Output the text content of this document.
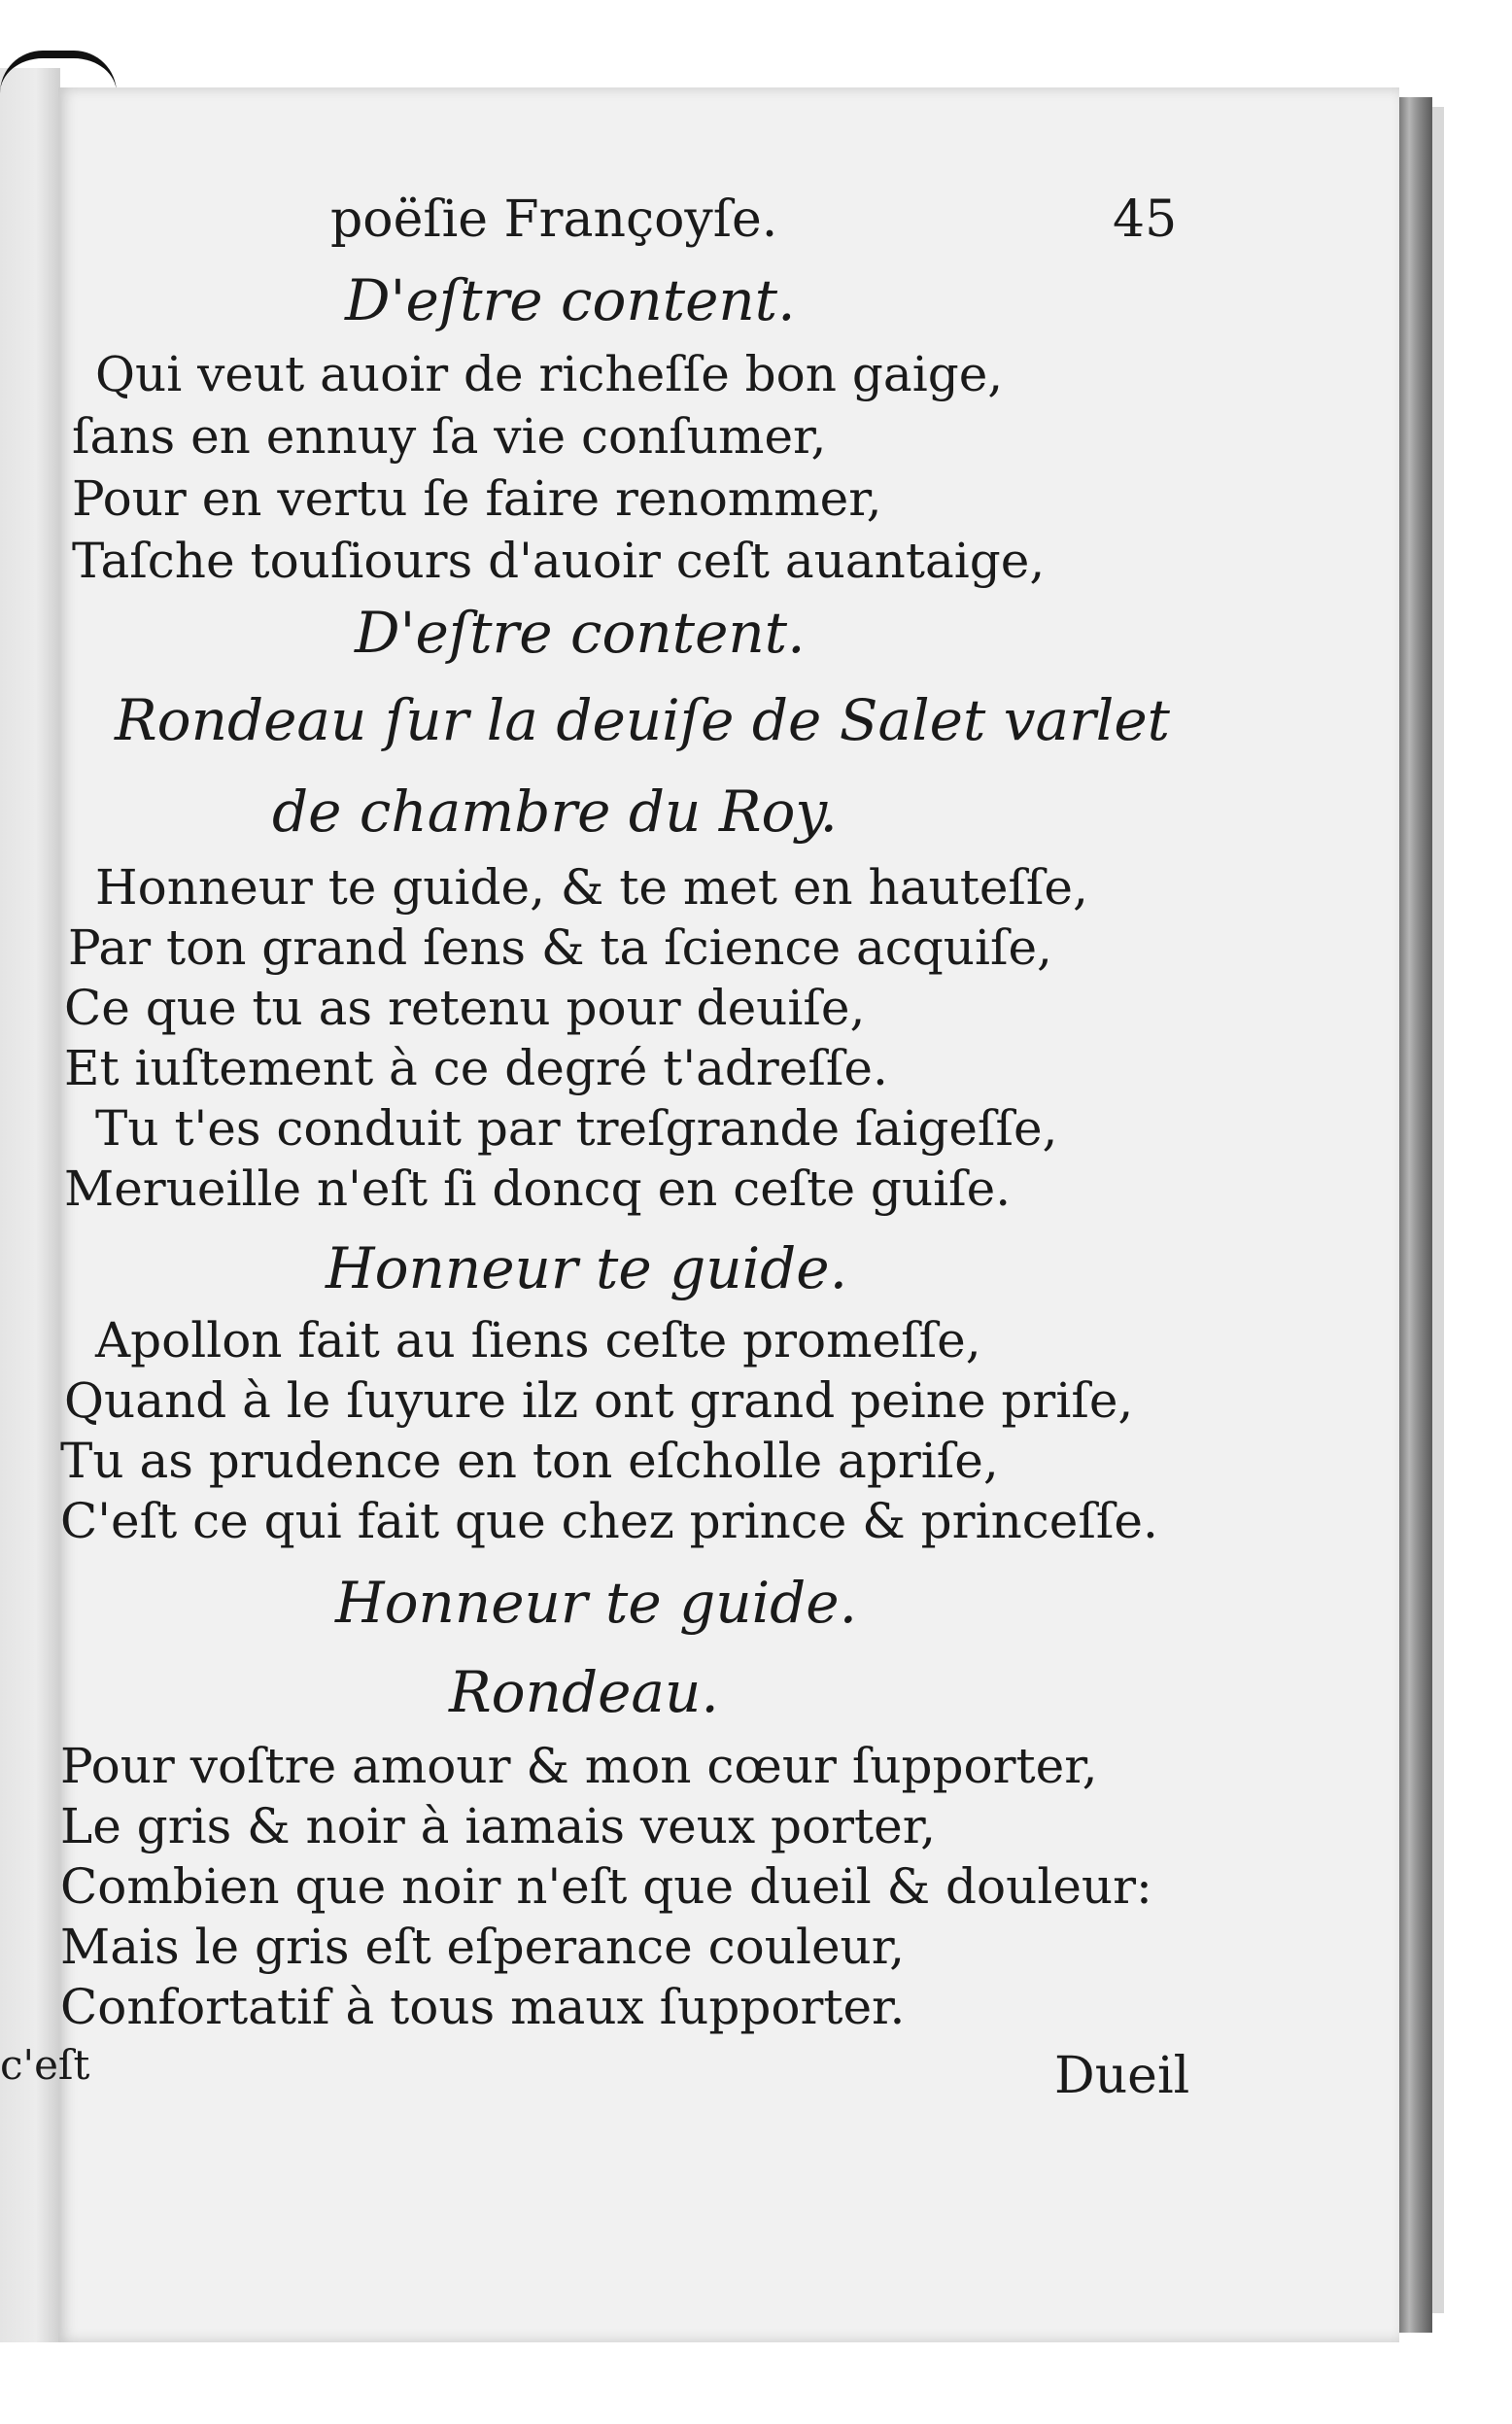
c'eſt
poëſie Françoyſe.	45
D'eſtre content.
Qui veut auoir de richeſſe bon gaige,
ſans en ennuy ſa vie conſumer,
Pour en vertu ſe faire renommer,
Taſche touſiours d'auoir ceſt auantaige,
D'eſtre content.
Rondeau ſur la deuiſe de Salet varlet
de chambre du Roy.
Honneur te guide, & te met en hauteſſe,
Par ton grand ſens & ta ſcience acquiſe,
Ce que tu as retenu pour deuiſe,
Et iuſtement à ce degré t'adreſſe.
Tu t'es conduit par treſgrande ſaigeſſe,
Merueille n'eſt ſi doncq en ceſte guiſe.
Honneur te guide.
Apollon fait au ſiens ceſte promeſſe,
Quand à le ſuyure ilz ont grand peine priſe,
Tu as prudence en ton eſcholle apriſe,
C'eſt ce qui fait que chez prince & princeſſe.
Honneur te guide.
Rondeau.
Pour voſtre amour & mon cœur ſupporter,
Le gris & noir à iamais veux porter,
Combien que noir n'eſt que dueil & douleur:
Mais le gris eſt eſperance couleur,
Confortatif à tous maux ſupporter.
Dueil
